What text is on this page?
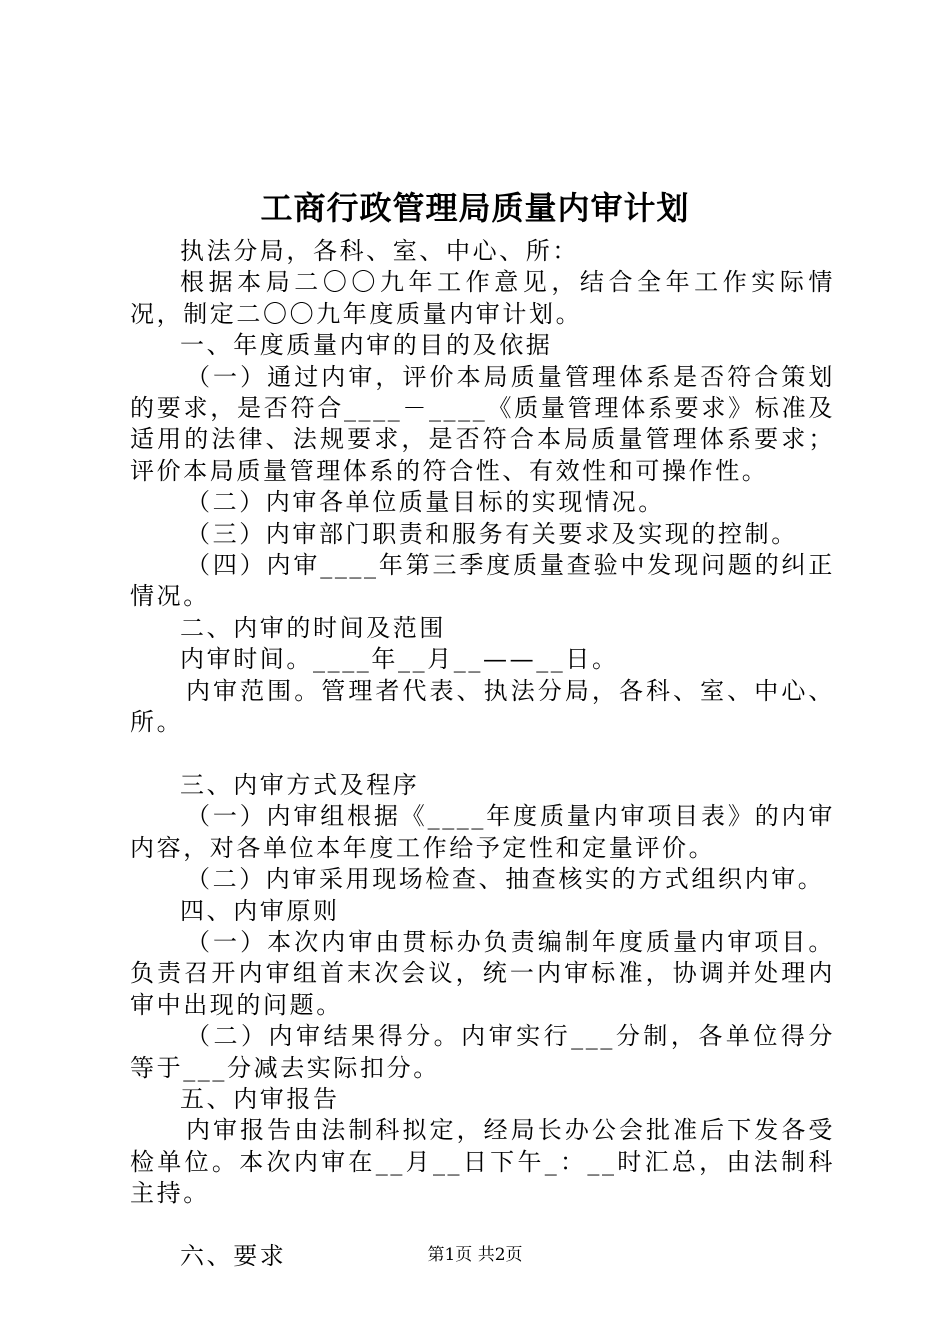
工商行政管理局质量内审计划

执法分局，各科、室、中心、所：

根据本局二〇〇九年工作意见，结合全年工作实际情况，制定二〇〇九年度质量内审计划。

一、年度质量内审的目的及依据

（一）通过内审，评价本局质量管理体系是否符合策划的要求，是否符合____－____《质量管理体系要求》标准及适用的法律、法规要求，是否符合本局质量管理体系要求；评价本局质量管理体系的符合性、有效性和可操作性。

（二）内审各单位质量目标的实现情况。

（三）内审部门职责和服务有关要求及实现的控制。

（四）内审____年第三季度质量查验中发现问题的纠正情况。

二、内审的时间及范围

内审时间。____年__月__——__日。

内审范围。管理者代表、执法分局，各科、室、中心、所。

三、内审方式及程序

（一）内审组根据《____年度质量内审项目表》的内审内容，对各单位本年度工作给予定性和定量评价。

（二）内审采用现场检查、抽查核实的方式组织内审。

四、内审原则

（一）本次内审由贯标办负责编制年度质量内审项目。负责召开内审组首末次会议，统一内审标准，协调并处理内审中出现的问题。

（二）内审结果得分。内审实行___分制，各单位得分等于___分减去实际扣分。

五、内审报告

内审报告由法制科拟定，经局长办公会批准后下发各受检单位。本次内审在__月__日下午_：__时汇总，由法制科主持。

六、要求	第1页 共2页
